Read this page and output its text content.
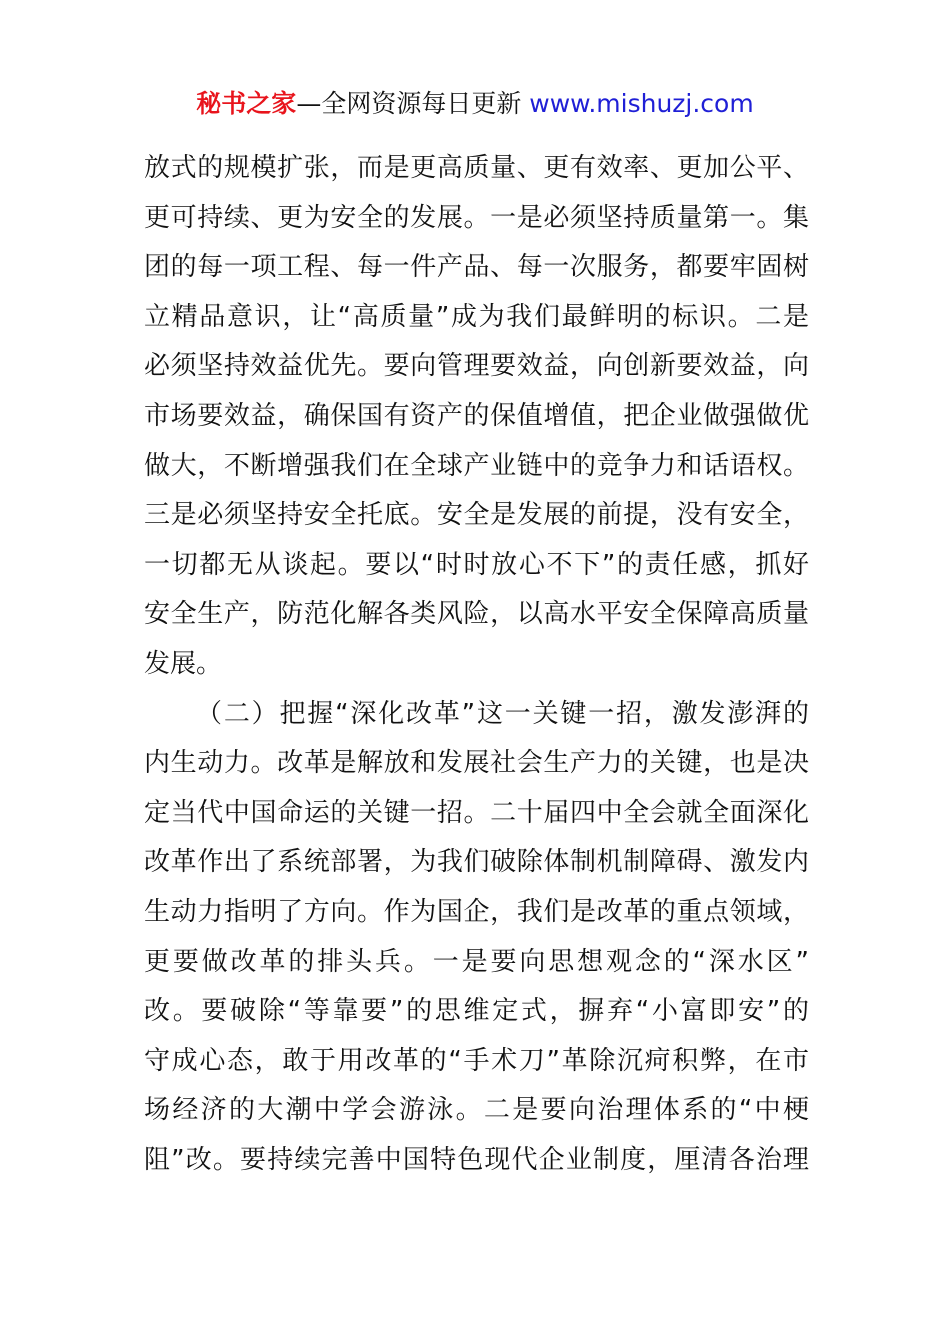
秘书之家—全网资源每日更新 www.mishuzj.com
放式的规模扩张，而是更高质量、更有效率、更加公平、
更可持续、更为安全的发展。一是必须坚持质量第一。集
团的每一项工程、每一件产品、每一次服务，都要牢固树
立精品意识，让“高质量”成为我们最鲜明的标识。二是
必须坚持效益优先。要向管理要效益，向创新要效益，向
市场要效益，确保国有资产的保值增值，把企业做强做优
做大，不断增强我们在全球产业链中的竞争力和话语权。
三是必须坚持安全托底。安全是发展的前提，没有安全，
一切都无从谈起。要以“时时放心不下”的责任感，抓好
安全生产，防范化解各类风险，以高水平安全保障高质量
发展。
（二）把握“深化改革”这一关键一招，激发澎湃的
内生动力。改革是解放和发展社会生产力的关键，也是决
定当代中国命运的关键一招。二十届四中全会就全面深化
改革作出了系统部署，为我们破除体制机制障碍、激发内
生动力指明了方向。作为国企，我们是改革的重点领域，
更要做改革的排头兵。一是要向思想观念的“深水区”
改。要破除“等靠要”的思维定式，摒弃“小富即安”的
守成心态，敢于用改革的“手术刀”革除沉疴积弊，在市
场经济的大潮中学会游泳。二是要向治理体系的“中梗
阻”改。要持续完善中国特色现代企业制度，厘清各治理
